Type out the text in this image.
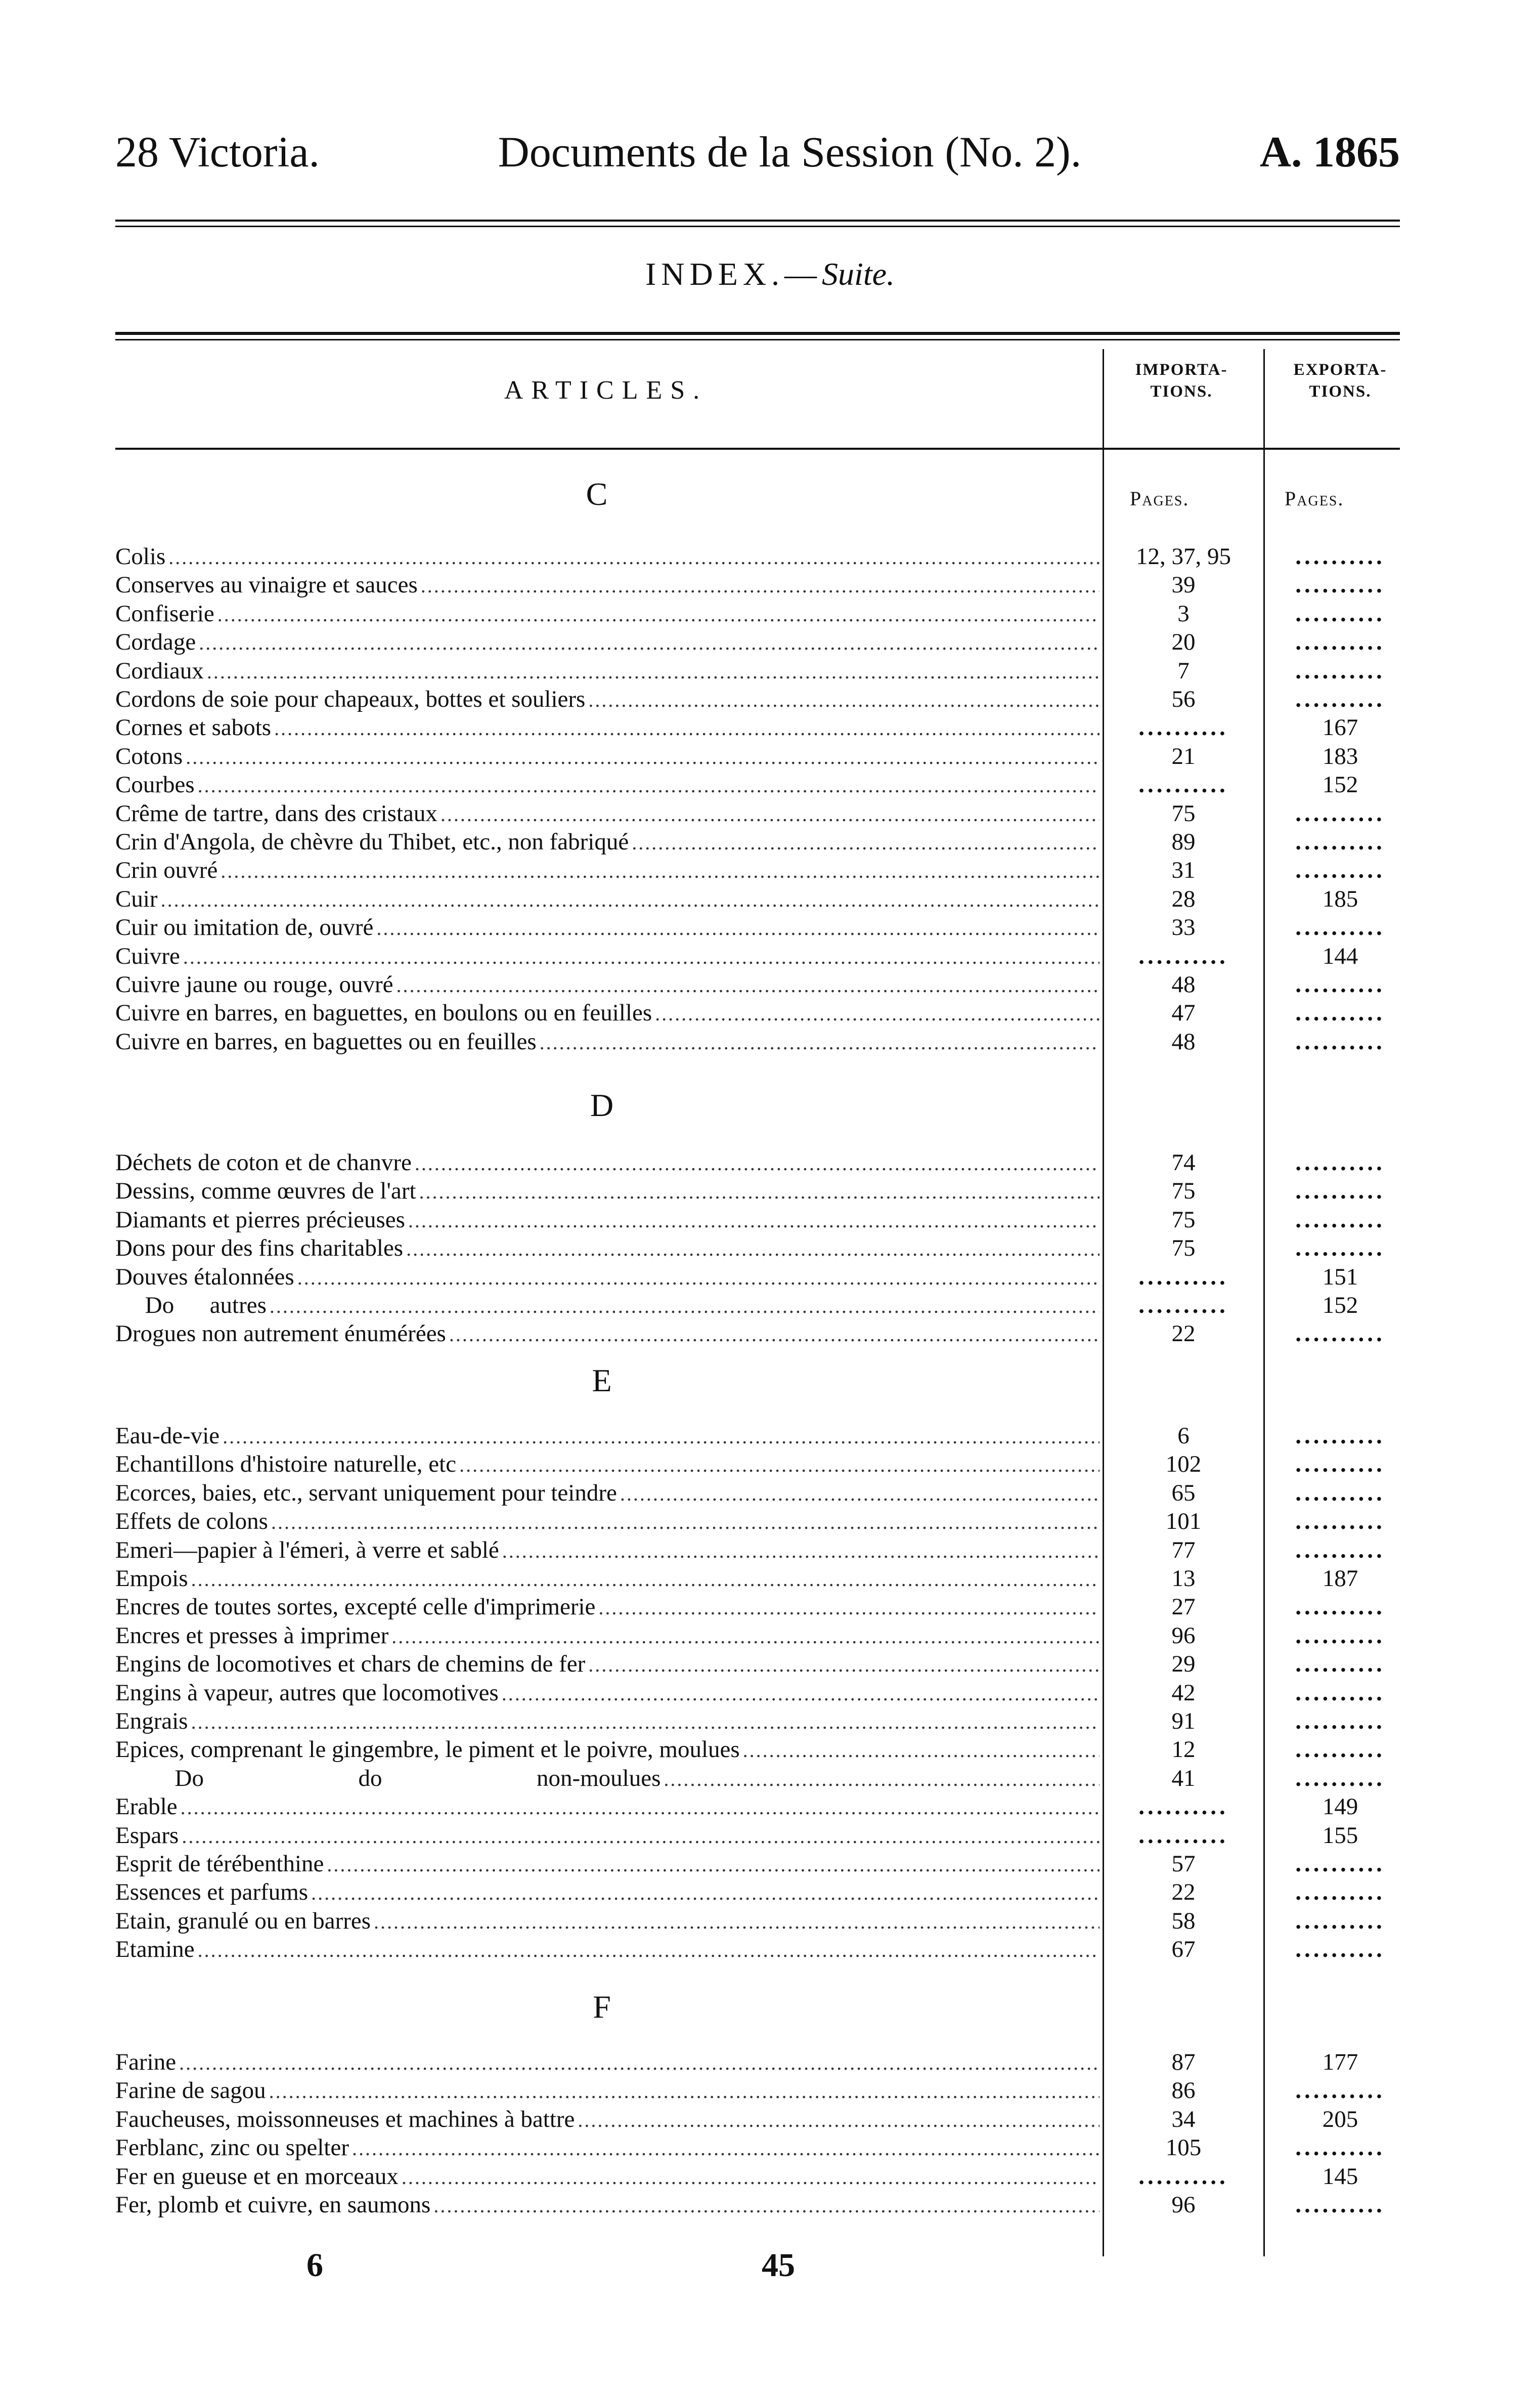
28 Victoria.	Documents de la Session (No. 2).	A. 1865
INDEX.—Suite.
ARTICLES.
IMPORTA-
TIONS.
EXPORTA-
TIONS.
Pages.	Pages.
C
Colis .....	12, 37, 95	..........
Conserves au vinaigre et sauces .....	39	..........
Confiserie .....	3	..........
Cordage .....	20	..........
Cordiaux .....	7	..........
Cordons de soie pour chapeaux, bottes et souliers .....	56	..........
Cornes et sabots .....	..........	167
Cotons .....	21	183
Courbes .....	..........	152
Crême de tartre, dans des cristaux .....	75	..........
Crin d'Angola, de chèvre du Thibet, etc., non fabriqué .....	89	..........
Crin ouvré .....	31	..........
Cuir .....	28	185
Cuir ou imitation de, ouvré .....	33	..........
Cuivre .....	..........	144
Cuivre jaune ou rouge, ouvré .....	48	..........
Cuivre en barres, en baguettes, en boulons ou en feuilles .....	47	..........
Cuivre en barres, en baguettes ou en feuilles .....	48	..........
D
Déchets de coton et de chanvre .....	74	..........
Dessins, comme œuvres de l'art .....	75	..........
Diamants et pierres précieuses .....	75	..........
Dons pour des fins charitables .....	75	..........
Douves étalonnées .....	..........	151
Do      autres .....	..........	152
Drogues non autrement énumérées .....	22	..........
E
Eau-de-vie .....	6	..........
Echantillons d'histoire naturelle, etc .....	102	..........
Ecorces, baies, etc., servant uniquement pour teindre .....	65	..........
Effets de colons .....	101	..........
Emeri—papier à l'émeri, à verre et sablé .....	77	..........
Empois .....	13	187
Encres de toutes sortes, excepté celle d'imprimerie .....	27	..........
Encres et presses à imprimer .....	96	..........
Engins de locomotives et chars de chemins de fer .....	29	..........
Engins à vapeur, autres que locomotives .....	42	..........
Engrais .....	91	..........
Epices, comprenant le gingembre, le piment et le poivre, moulues .....	12	..........
Do                          do                          non-moulues .....	41	..........
Erable .....	..........	149
Espars .....	..........	155
Esprit de térébenthine .....	57	..........
Essences et parfums .....	22	..........
Etain, granulé ou en barres .....	58	..........
Etamine .....	67	..........
F
Farine .....	87	177
Farine de sagou .....	86	..........
Faucheuses, moissonneuses et machines à battre .....	34	205
Ferblanc, zinc ou spelter .....	105	..........
Fer en gueuse et en morceaux .....	..........	145
Fer, plomb et cuivre, en saumons .....	96	..........
6	45
